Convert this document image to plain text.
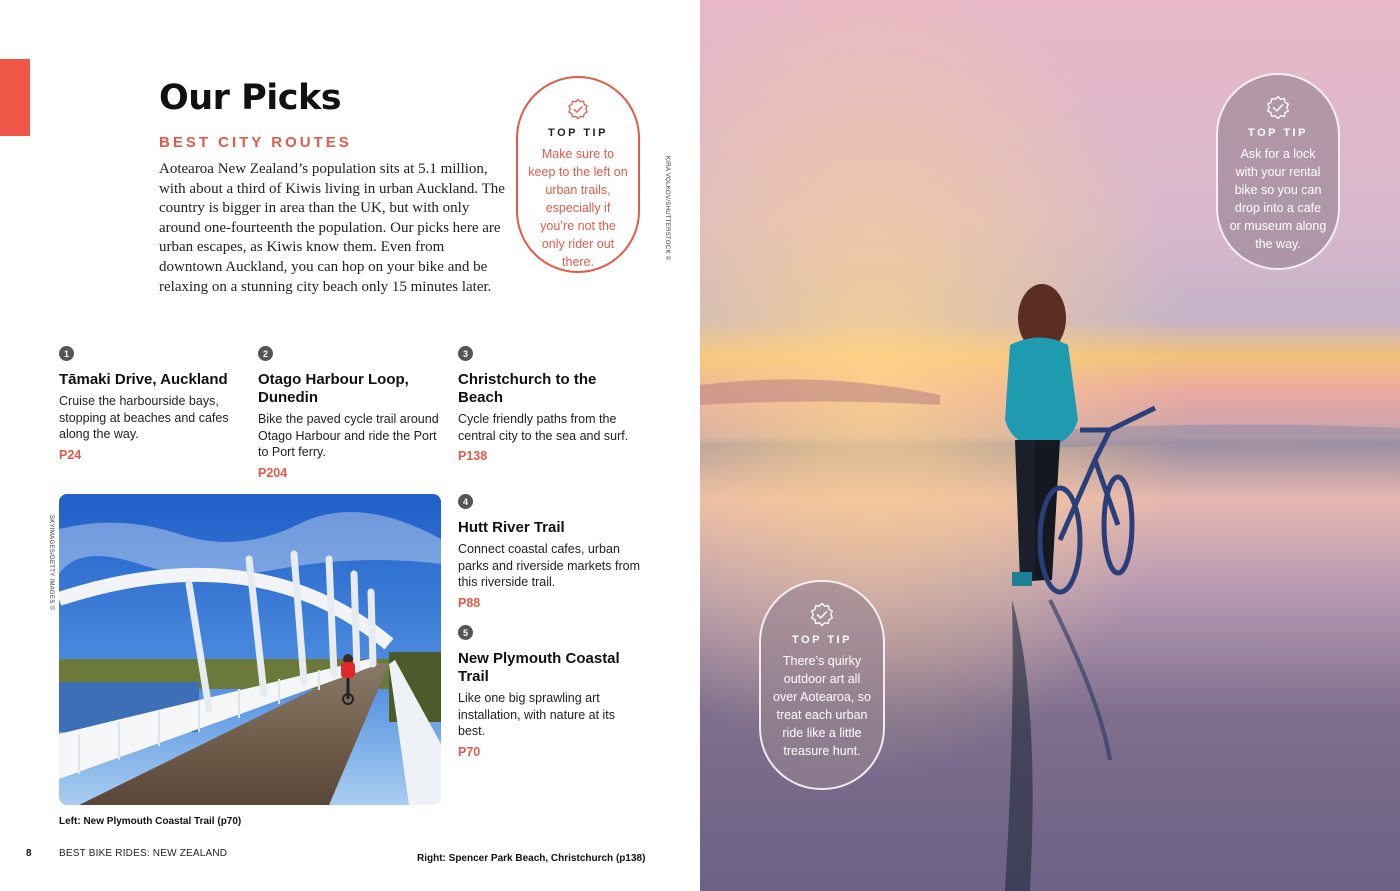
Our Picks
BEST CITY ROUTES

Aotearoa New Zealand’s population sits at 5.1 million, with about a third of Kiwis living in urban Auckland. The country is bigger in area than the UK, but with only around one-fourteenth the population. Our picks here are urban escapes, as Kiwis know them. Even from downtown Auckland, you can hop on your bike and be relaxing on a stunning city beach only 15 minutes later.

TOP TIP
Make sure to keep to the left on urban trails, especially if you’re not the only rider out there.
KIRA VOLKOV/SHUTTERSTOCK ©
SKYIMAGES/GETTY IMAGES ©
1
Tāmaki Drive, Auckland
Cruise the harbourside bays, stopping at beaches and cafes along the way.
P24
2
Otago Harbour Loop, Dunedin
Bike the paved cycle trail around Otago Harbour and ride the Port to Port ferry.
P204
3
Christchurch to the Beach
Cycle friendly paths from the central city to the sea and surf.
P138
4
Hutt River Trail
Connect coastal cafes, urban parks and riverside markets from this riverside trail.
P88
5
New Plymouth Coastal Trail
Like one big sprawling art installation, with nature at its best.
P70
Left: New Plymouth Coastal Trail (p70)
8	BEST BIKE RIDES: NEW ZEALAND	Right: Spencer Park Beach, Christchurch (p138)
TOP TIP
Ask for a lock with your rental bike so you can drop into a cafe or museum along the way.
TOP TIP
There’s quirky outdoor art all over Aotearoa, so treat each urban ride like a little treasure hunt.
